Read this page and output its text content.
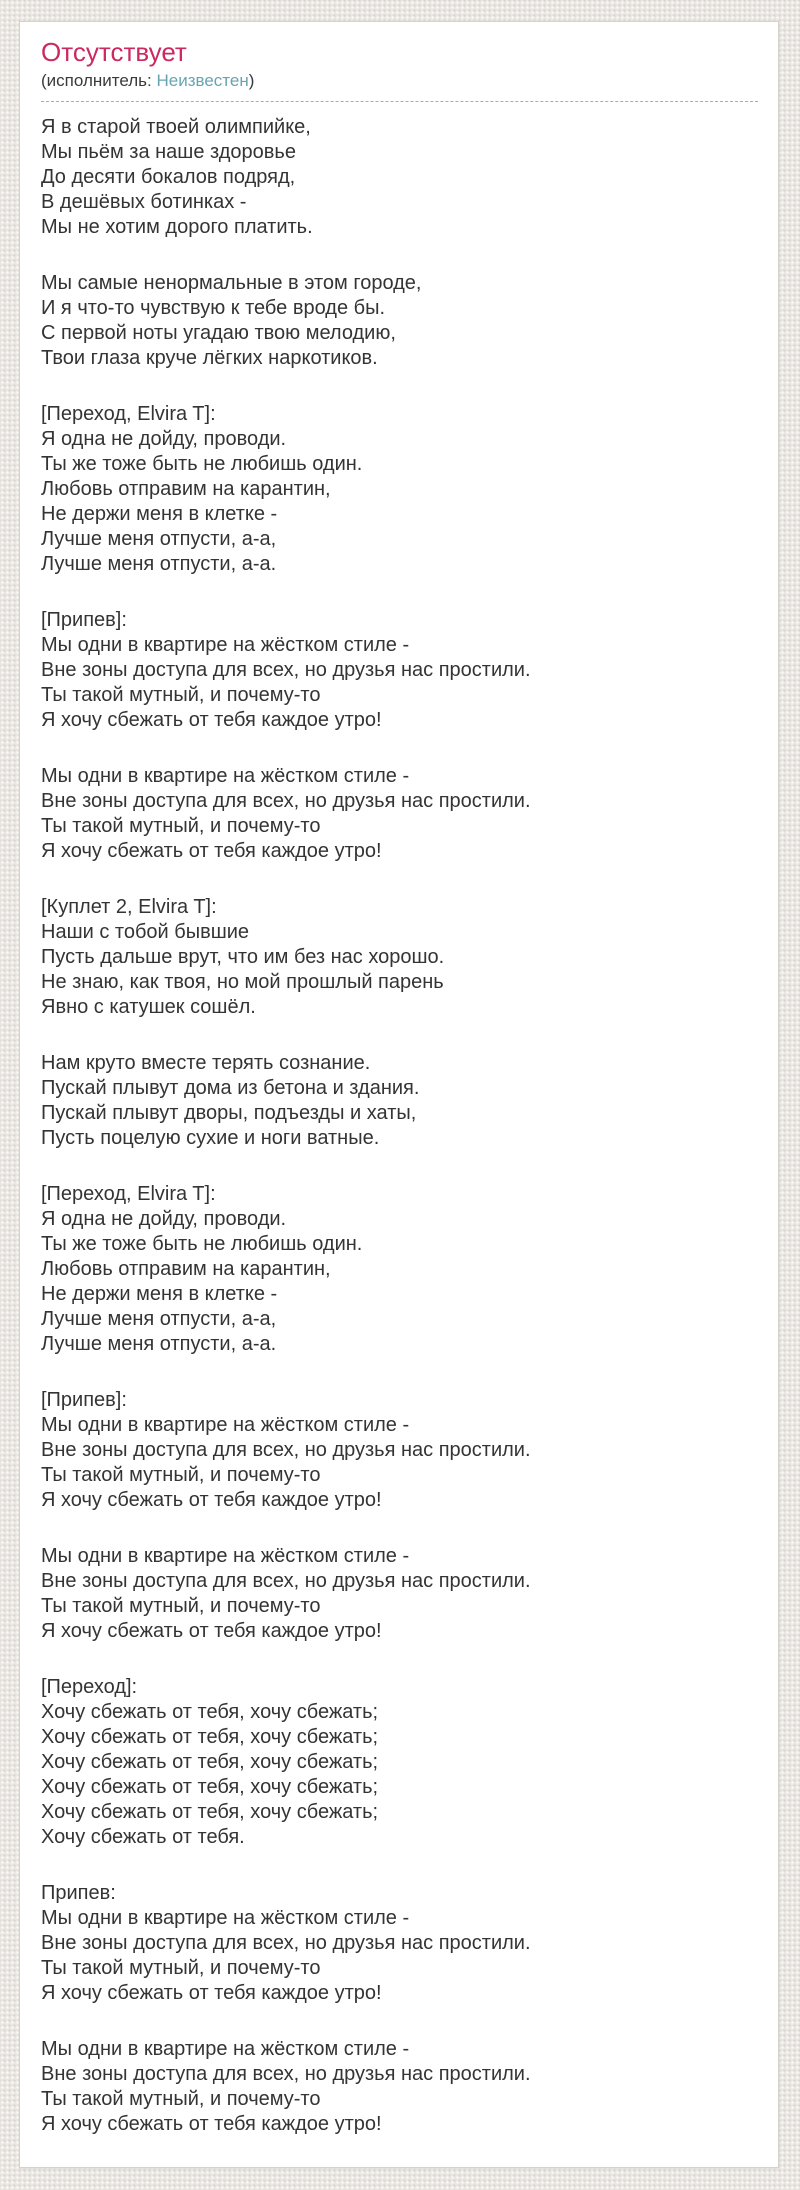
Отсутствует
(исполнитель: Неизвестен)

Я в старой твоей олимпийке,
Мы пьём за наше здоровье
До десяти бокалов подряд,
В дешёвых ботинках -
Мы не хотим дорого платить.

Мы самые ненормальные в этом городе,
И я что-то чувствую к тебе вроде бы.
С первой ноты угадаю твою мелодию,
Твои глаза круче лёгких наркотиков.

[Переход, Elvira T]:
Я одна не дойду, проводи.
Ты же тоже быть не любишь один.
Любовь отправим на карантин,
Не держи меня в клетке -
Лучше меня отпусти, а-а,
Лучше меня отпусти, а-а.

[Припев]:
Мы одни в квартире на жёстком стиле -
Вне зоны доступа для всех, но друзья нас простили.
Ты такой мутный, и почему-то
Я хочу сбежать от тебя каждое утро!

Мы одни в квартире на жёстком стиле -
Вне зоны доступа для всех, но друзья нас простили.
Ты такой мутный, и почему-то
Я хочу сбежать от тебя каждое утро!

[Куплет 2, Elvira T]:
Наши с тобой бывшие
Пусть дальше врут, что им без нас хорошо.
Не знаю, как твоя, но мой прошлый парень
Явно с катушек сошёл.

Нам круто вместе терять сознание.
Пускай плывут дома из бетона и здания.
Пускай плывут дворы, подъезды и хаты,
Пусть поцелую сухие и ноги ватные.

[Переход, Elvira T]:
Я одна не дойду, проводи.
Ты же тоже быть не любишь один.
Любовь отправим на карантин,
Не держи меня в клетке -
Лучше меня отпусти, а-а,
Лучше меня отпусти, а-а.

[Припев]:
Мы одни в квартире на жёстком стиле -
Вне зоны доступа для всех, но друзья нас простили.
Ты такой мутный, и почему-то
Я хочу сбежать от тебя каждое утро!

Мы одни в квартире на жёстком стиле -
Вне зоны доступа для всех, но друзья нас простили.
Ты такой мутный, и почему-то
Я хочу сбежать от тебя каждое утро!

[Переход]:
Хочу сбежать от тебя, хочу сбежать;
Хочу сбежать от тебя, хочу сбежать;
Хочу сбежать от тебя, хочу сбежать;
Хочу сбежать от тебя, хочу сбежать;
Хочу сбежать от тебя, хочу сбежать;
Хочу сбежать от тебя.

Припев:
Мы одни в квартире на жёстком стиле -
Вне зоны доступа для всех, но друзья нас простили.
Ты такой мутный, и почему-то
Я хочу сбежать от тебя каждое утро!

Мы одни в квартире на жёстком стиле -
Вне зоны доступа для всех, но друзья нас простили.
Ты такой мутный, и почему-то
Я хочу сбежать от тебя каждое утро!
